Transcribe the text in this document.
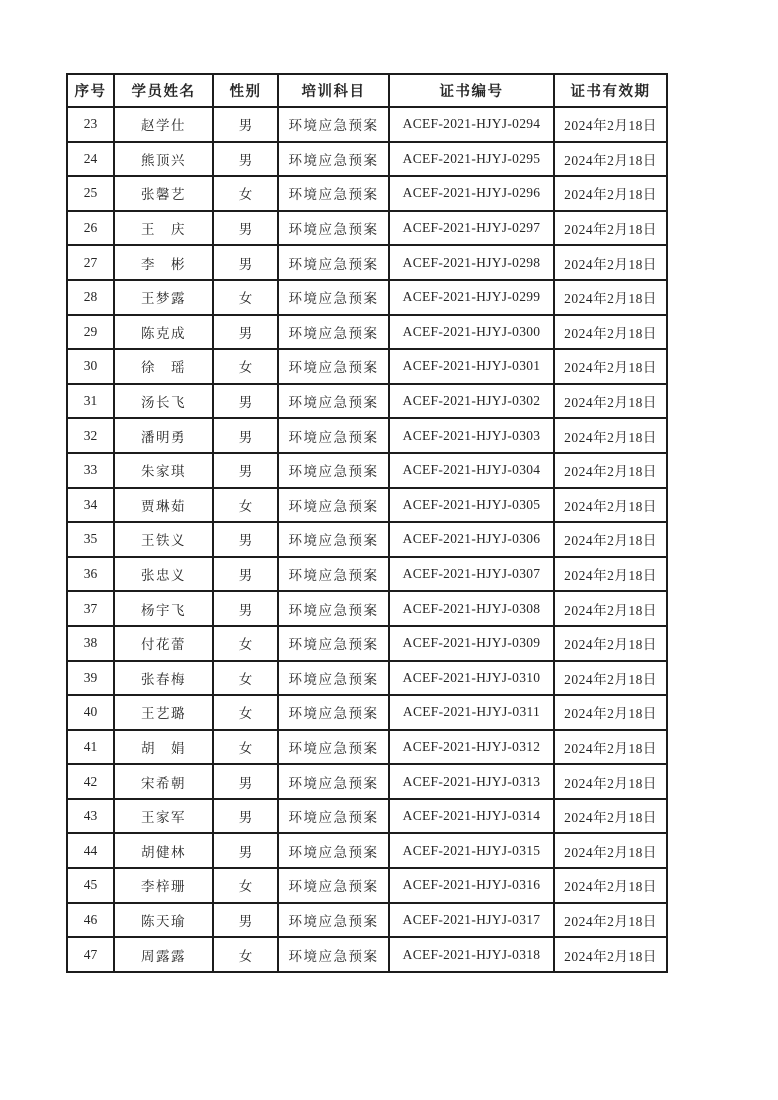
序号	学员姓名	性别	培训科目	证书编号	证书有效期
23	赵学仕	男	环境应急预案	ACEF-2021-HJYJ-0294	2024年2月18日
24	熊顶兴	男	环境应急预案	ACEF-2021-HJYJ-0295	2024年2月18日
25	张馨艺	女	环境应急预案	ACEF-2021-HJYJ-0296	2024年2月18日
26	王　庆	男	环境应急预案	ACEF-2021-HJYJ-0297	2024年2月18日
27	李　彬	男	环境应急预案	ACEF-2021-HJYJ-0298	2024年2月18日
28	王梦露	女	环境应急预案	ACEF-2021-HJYJ-0299	2024年2月18日
29	陈克成	男	环境应急预案	ACEF-2021-HJYJ-0300	2024年2月18日
30	徐　瑶	女	环境应急预案	ACEF-2021-HJYJ-0301	2024年2月18日
31	汤长飞	男	环境应急预案	ACEF-2021-HJYJ-0302	2024年2月18日
32	潘明勇	男	环境应急预案	ACEF-2021-HJYJ-0303	2024年2月18日
33	朱家琪	男	环境应急预案	ACEF-2021-HJYJ-0304	2024年2月18日
34	贾琳茹	女	环境应急预案	ACEF-2021-HJYJ-0305	2024年2月18日
35	王铁义	男	环境应急预案	ACEF-2021-HJYJ-0306	2024年2月18日
36	张忠义	男	环境应急预案	ACEF-2021-HJYJ-0307	2024年2月18日
37	杨宇飞	男	环境应急预案	ACEF-2021-HJYJ-0308	2024年2月18日
38	付花蕾	女	环境应急预案	ACEF-2021-HJYJ-0309	2024年2月18日
39	张春梅	女	环境应急预案	ACEF-2021-HJYJ-0310	2024年2月18日
40	王艺璐	女	环境应急预案	ACEF-2021-HJYJ-0311	2024年2月18日
41	胡　娟	女	环境应急预案	ACEF-2021-HJYJ-0312	2024年2月18日
42	宋希朝	男	环境应急预案	ACEF-2021-HJYJ-0313	2024年2月18日
43	王家军	男	环境应急预案	ACEF-2021-HJYJ-0314	2024年2月18日
44	胡健林	男	环境应急预案	ACEF-2021-HJYJ-0315	2024年2月18日
45	李梓珊	女	环境应急预案	ACEF-2021-HJYJ-0316	2024年2月18日
46	陈天瑜	男	环境应急预案	ACEF-2021-HJYJ-0317	2024年2月18日
47	周露露	女	环境应急预案	ACEF-2021-HJYJ-0318	2024年2月18日
